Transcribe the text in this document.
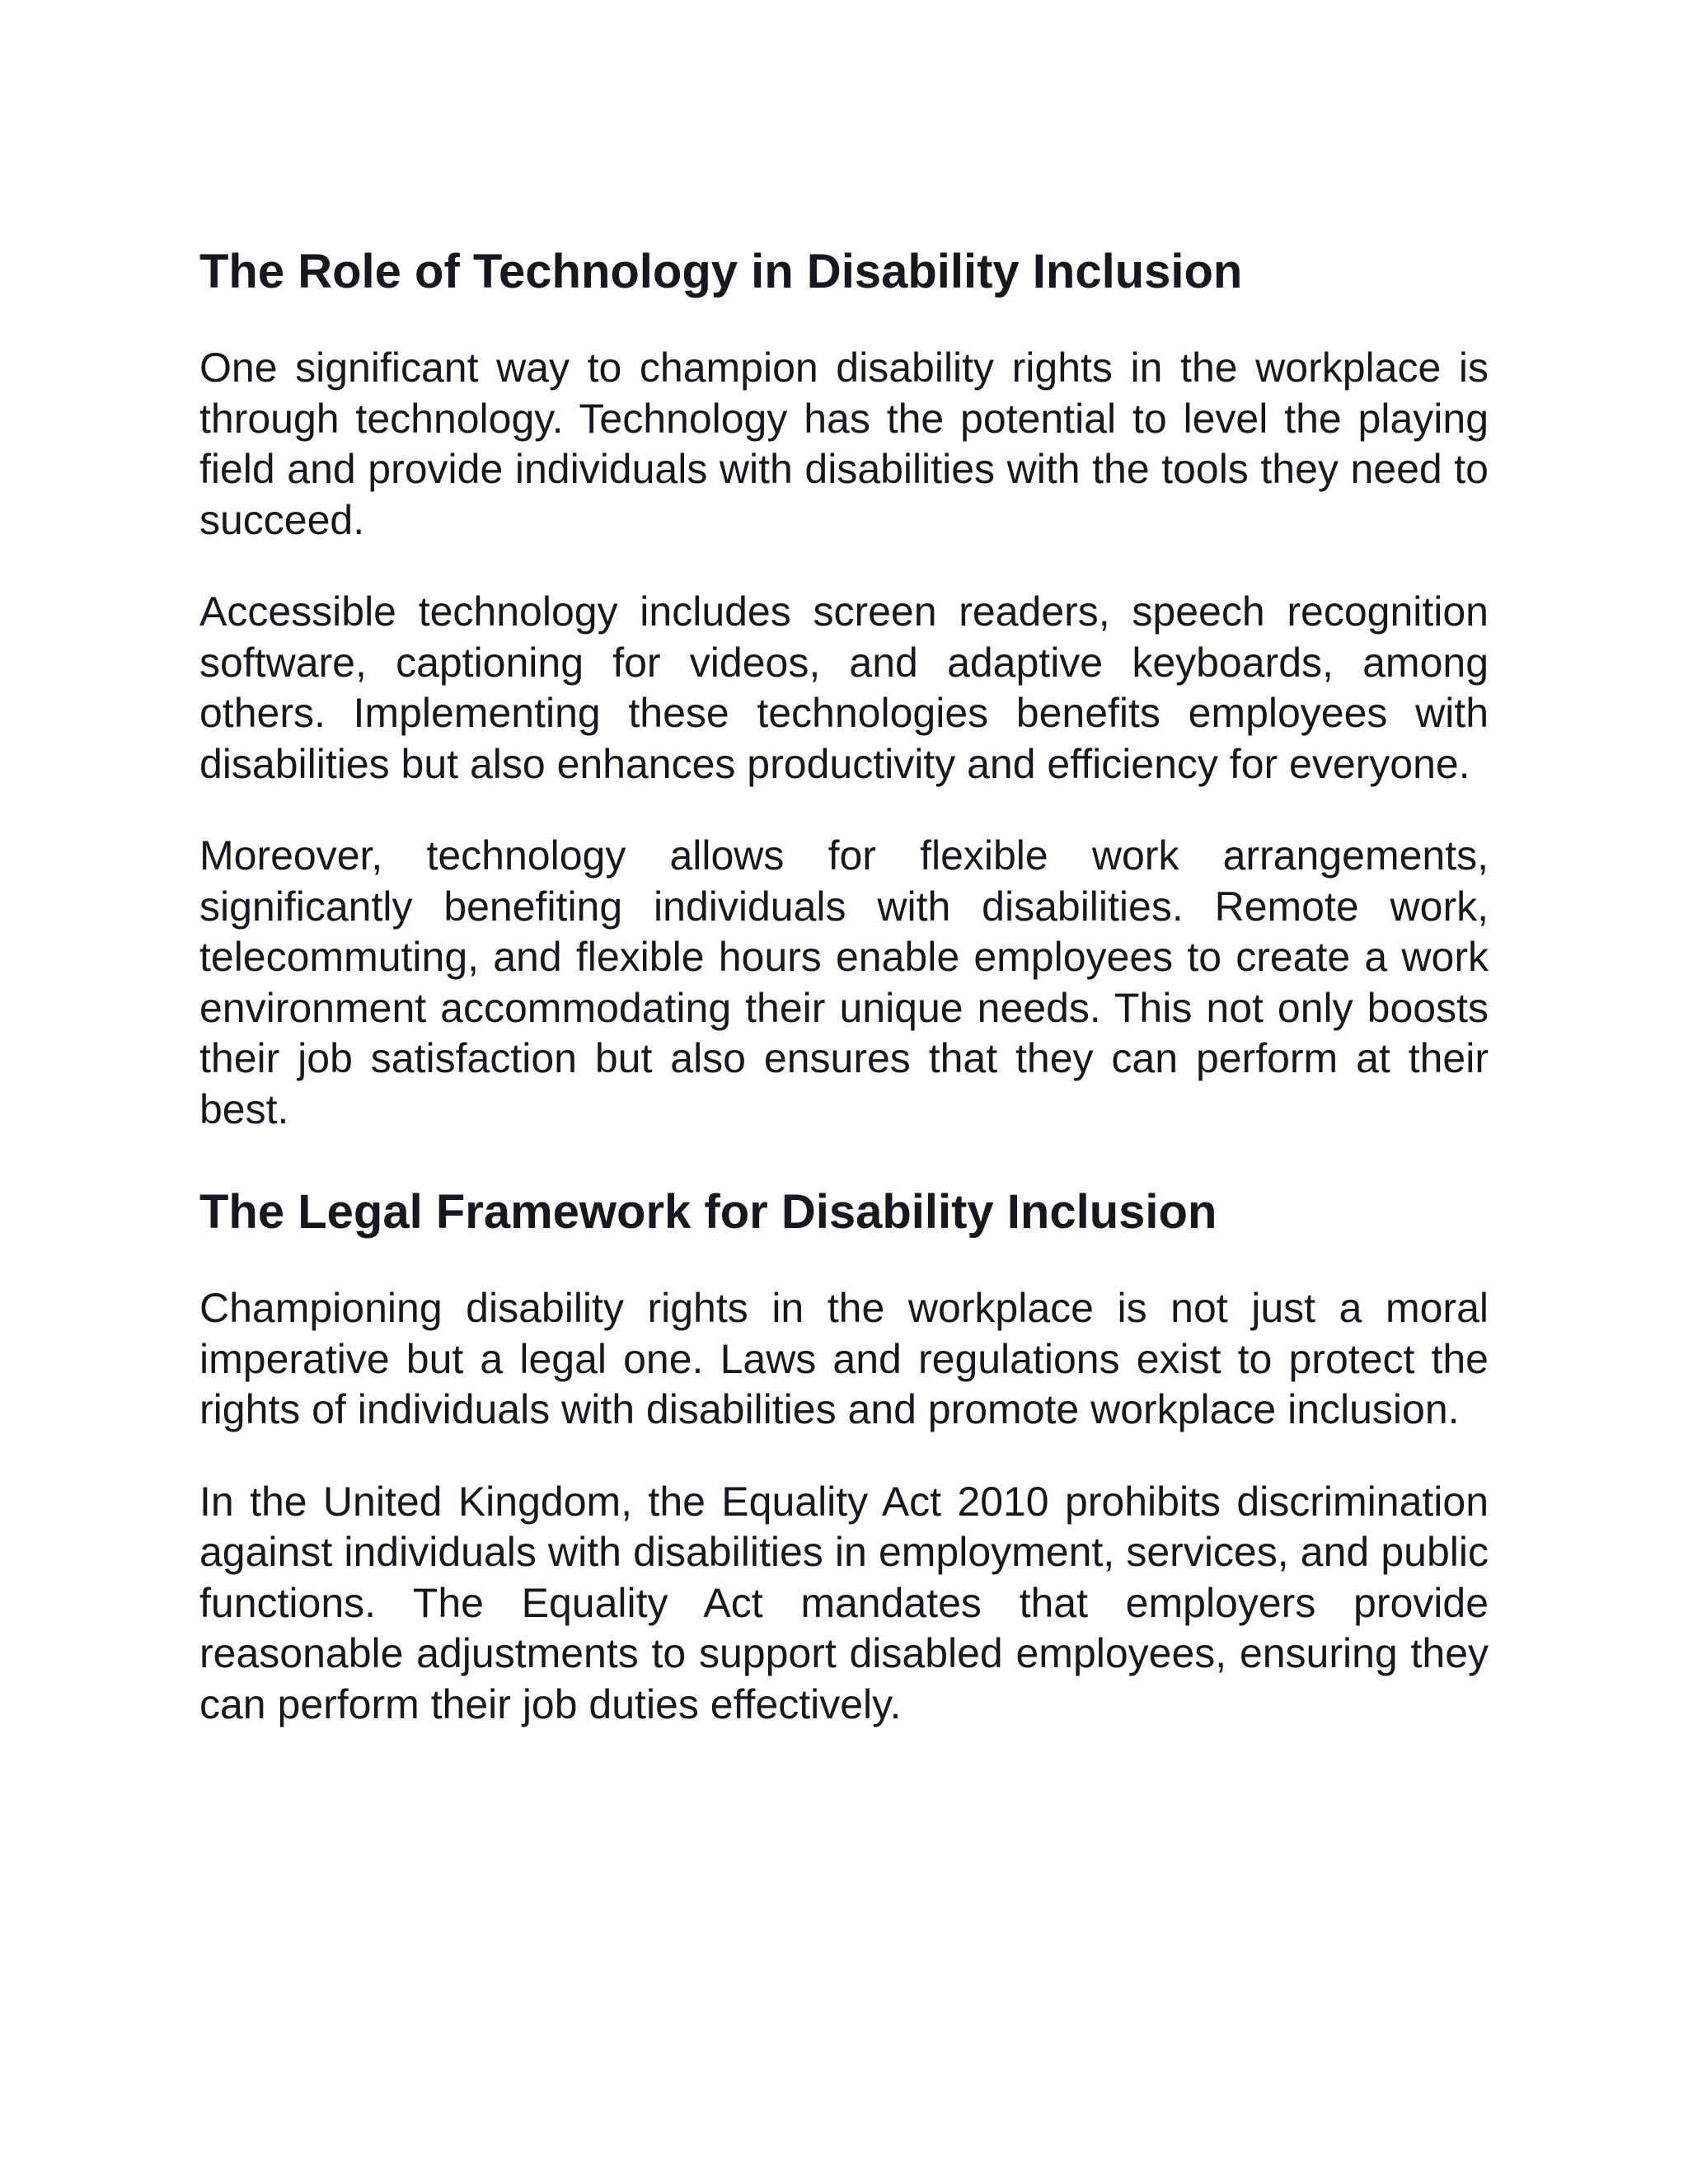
The Role of Technology in Disability Inclusion

One significant way to champion disability rights in the workplace is through technology. Technology has the potential to level the playing field and provide individuals with disabilities with the tools they need to succeed.

Accessible technology includes screen readers, speech recognition software, captioning for videos, and adaptive keyboards, among others. Implementing these technologies benefits employees with disabilities but also enhances productivity and efficiency for everyone.

Moreover, technology allows for flexible work arrangements, significantly benefiting individuals with disabilities. Remote work, telecommuting, and flexible hours enable employees to create a work environment accommodating their unique needs. This not only boosts their job satisfaction but also ensures that they can perform at their best.

The Legal Framework for Disability Inclusion

Championing disability rights in the workplace is not just a moral imperative but a legal one. Laws and regulations exist to protect the rights of individuals with disabilities and promote workplace inclusion.

In the United Kingdom, the Equality Act 2010 prohibits discrimination against individuals with disabilities in employment, services, and public functions. The Equality Act mandates that employers provide reasonable adjustments to support disabled employees, ensuring they can perform their job duties effectively.
